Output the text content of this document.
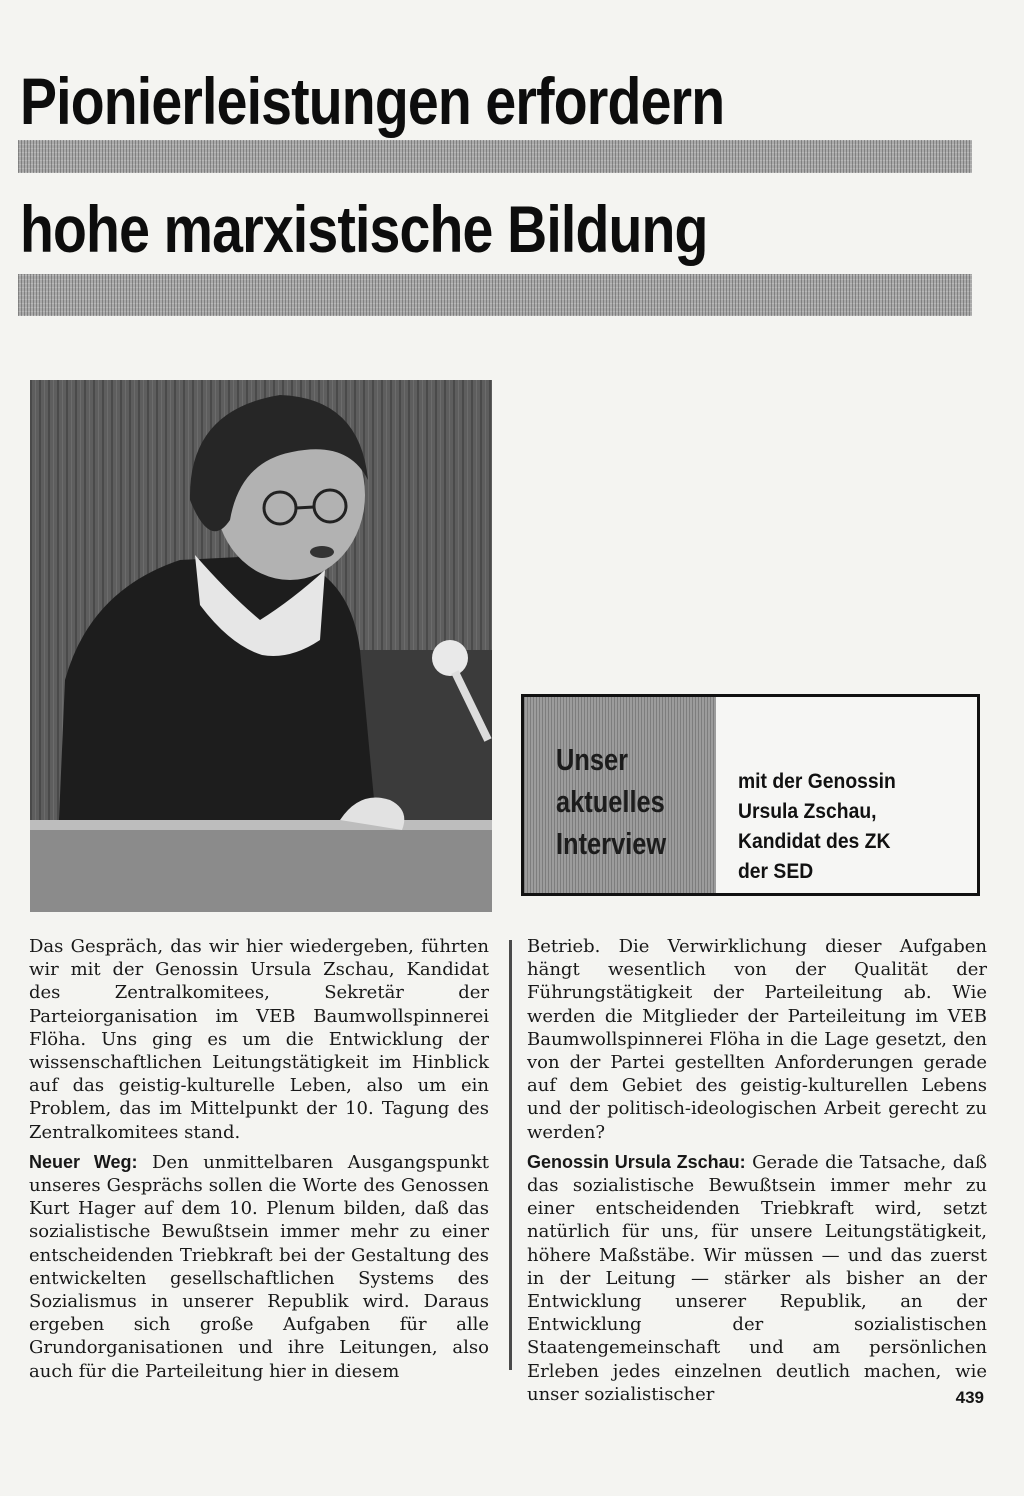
Pionierleistungen erfordern
hohe marxistische Bildung
Unser
aktuelles
Interview
mit der Genossin
Ursula Zschau,
Kandidat des ZK
der SED

Das Gespräch, das wir hier wiedergeben, führten wir mit der Genossin Ursula Zschau, Kandidat des Zentralkomitees, Sekretär der Parteiorganisation im VEB Baumwollspinnerei Flöha. Uns ging es um die Entwicklung der wissenschaftlichen Leitungstätigkeit im Hinblick auf das geistig-kulturelle Leben, also um ein Problem, das im Mittelpunkt der 10. Tagung des Zentralkomitees stand.

Neuer Weg: Den unmittelbaren Ausgangspunkt unseres Gesprächs sollen die Worte des Genossen Kurt Hager auf dem 10. Plenum bilden, daß das sozialistische Bewußtsein immer mehr zu einer entscheidenden Triebkraft bei der Gestaltung des entwickelten gesellschaftlichen Systems des Sozialismus in unserer Republik wird. Daraus ergeben sich große Aufgaben für alle Grundorganisationen und ihre Leitungen, also auch für die Parteileitung hier in diesem

Betrieb. Die Verwirklichung dieser Aufgaben hängt wesentlich von der Qualität der Führungstätigkeit der Parteileitung ab. Wie werden die Mitglieder der Parteileitung im VEB Baumwollspinnerei Flöha in die Lage gesetzt, den von der Partei gestellten Anforderungen gerade auf dem Gebiet des geistig-kulturellen Lebens und der politisch-ideologischen Arbeit gerecht zu werden?

Genossin Ursula Zschau: Gerade die Tatsache, daß das sozialistische Bewußtsein immer mehr zu einer entscheidenden Triebkraft wird, setzt natürlich für uns, für unsere Leitungstätigkeit, höhere Maßstäbe. Wir müssen — und das zuerst in der Leitung — stärker als bisher an der Entwicklung unserer Republik, an der Entwicklung der sozialistischen Staatengemeinschaft und am persönlichen Erleben jedes einzelnen deutlich machen, wie unser sozialistischer	439
